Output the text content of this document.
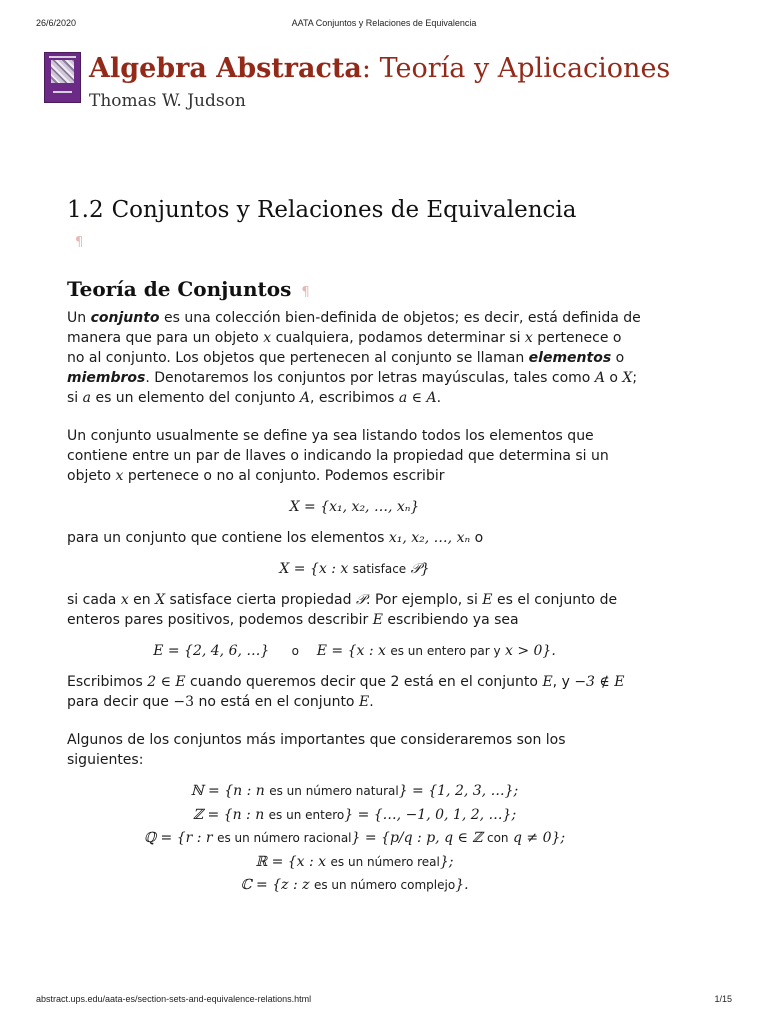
26/6/2020	AATA Conjuntos y Relaciones de Equivalencia
Algebra Abstracta: Teoría y Aplicaciones
Thomas W. Judson
1.2 Conjuntos y Relaciones de Equivalencia
¶
Teoría de Conjuntos ¶

Un conjunto es una colección bien-definida de objetos; es decir, está definida de manera que para un objeto x cualquiera, podamos determinar si x pertenece o no al conjunto. Los objetos que pertenecen al conjunto se llaman elementos o miembros. Denotaremos los conjuntos por letras mayúsculas, tales como A o X; si a es un elemento del conjunto A, escribimos a ∈ A.

Un conjunto usualmente se define ya sea listando todos los elementos que contiene entre un par de llaves o indicando la propiedad que determina si un objeto x pertenece o no al conjunto. Podemos escribir

X = {x₁, x₂, …, xₙ}

para un conjunto que contiene los elementos x₁, x₂, …, xₙ o

X = {x : x satisface 𝒫}

si cada x en X satisface cierta propiedad 𝒫. Por ejemplo, si E es el conjunto de enteros pares positivos, podemos describir E escribiendo ya sea

E = {2, 4, 6, …} o E = {x : x es un entero par y x > 0}.

Escribimos 2 ∈ E cuando queremos decir que 2 está en el conjunto E, y −3 ∉ E para decir que −3 no está en el conjunto E.

Algunos de los conjuntos más importantes que consideraremos son los siguientes:

ℕ = {n : n es un número natural} = {1, 2, 3, …};
ℤ = {n : n es un entero} = {…, −1, 0, 1, 2, …};
ℚ = {r : r es un número racional} = {p/q : p, q ∈ ℤ con q ≠ 0};
ℝ = {x : x es un número real};
ℂ = {z : z es un número complejo}.
abstract.ups.edu/aata-es/section-sets-and-equivalence-relations.html	1/15
